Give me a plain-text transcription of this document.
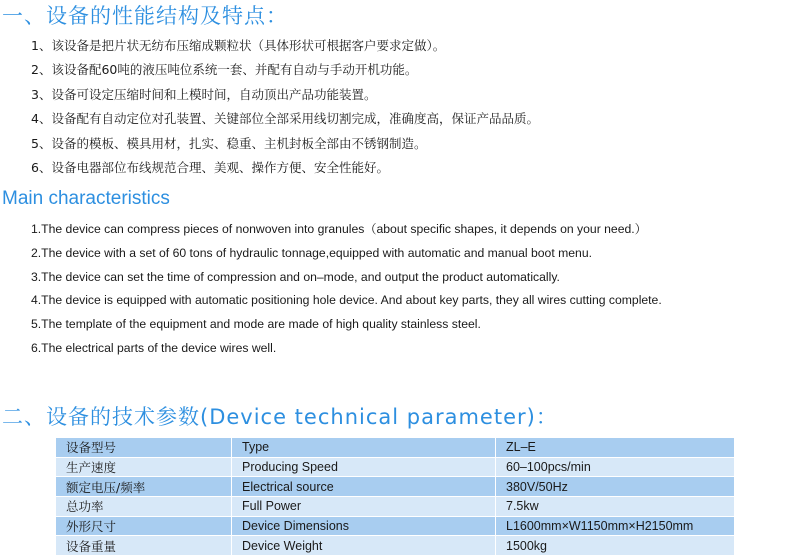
一、设备的性能结构及特点：
1、该设备是把片状无纺布压缩成颗粒状（具体形状可根据客户要求定做）。
2、该设备配60吨的液压吨位系统一套、并配有自动与手动开机功能。
3、设备可设定压缩时间和上模时间，自动顶出产品功能装置。
4、设备配有自动定位对孔装置、关键部位全部采用线切割完成，准确度高，保证产品品质。
5、设备的模板、模具用材，扎实、稳重、主机封板全部由不锈钢制造。
6、设备电器部位布线规范合理、美观、操作方便、安全性能好。
Main characteristics
1.The device can compress pieces of nonwoven into granules（about specific shapes, it depends on your need.）
2.The device with a set of 60 tons of hydraulic tonnage,equipped with automatic and manual boot menu.
3.The device can set the time of compression and on–mode, and output the product automatically.
4.The device is equipped with automatic positioning hole device. And about key parts, they all wires cutting complete.
5.The template of the equipment and mode are made of high quality stainless steel.
6.The electrical parts of the device wires well.
二、设备的技术参数(Device technical parameter)：
设备型号	Type	ZL–E
生产速度	Producing Speed	60–100pcs/min
额定电压/频率	Electrical source	380V/50Hz
总功率	Full Power	7.5kw
外形尺寸	Device Dimensions	L1600mm×W1150mm×H2150mm
设备重量	Device Weight	1500kg
